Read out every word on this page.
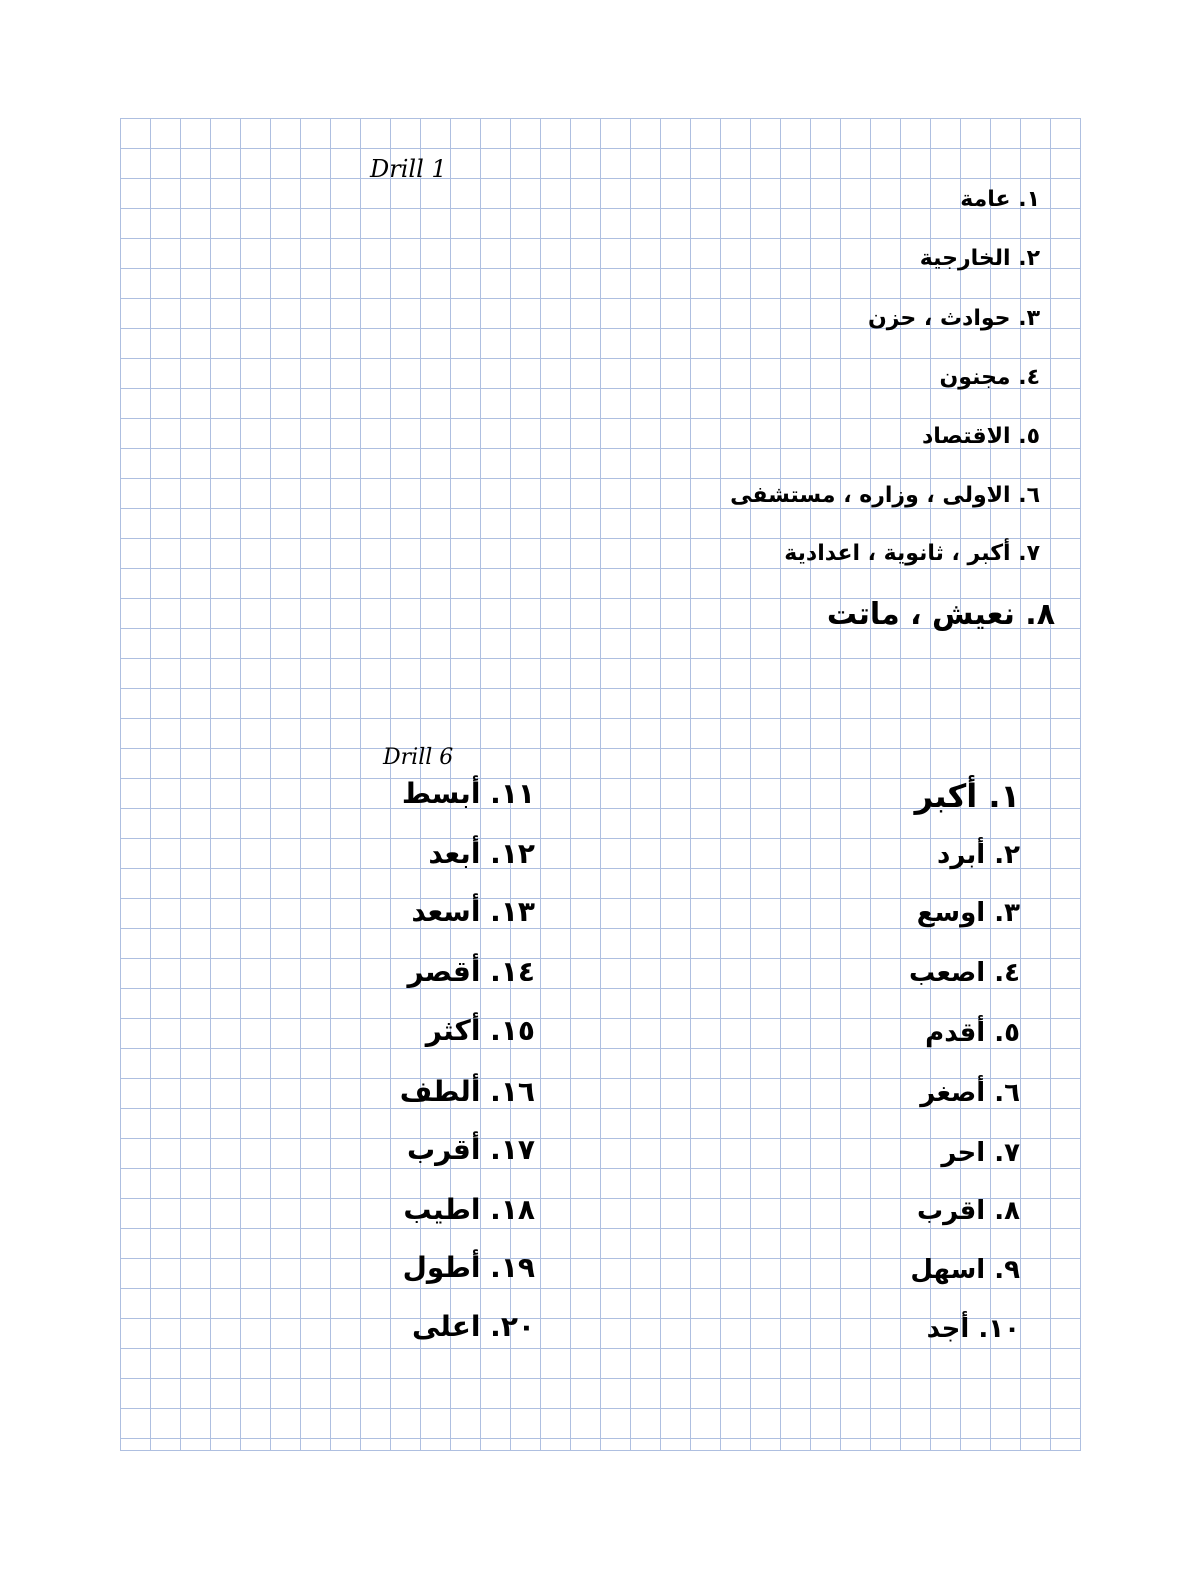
Drill 1
١. عامة
٢. الخارجية
٣. حوادث ، حزن
٤. مجنون
٥. الاقتصاد
٦. الاولى ، وزاره ، مستشفى
٧. أكبر ، ثانوية ، اعدادية
٨. نعيش ، ماتت
Drill 6
١. أكبر
٢. أبرد
٣. اوسع
٤. اصعب
٥. أقدم
٦. أصغر
٧. احر
٨. اقرب
٩. اسهل
١٠. أجد
١١. أبسط
١٢. أبعد
١٣. أسعد
١٤. أقصر
١٥. أكثر
١٦. ألطف
١٧. أقرب
١٨. اطيب
١٩. أطول
٢٠. اعلى
